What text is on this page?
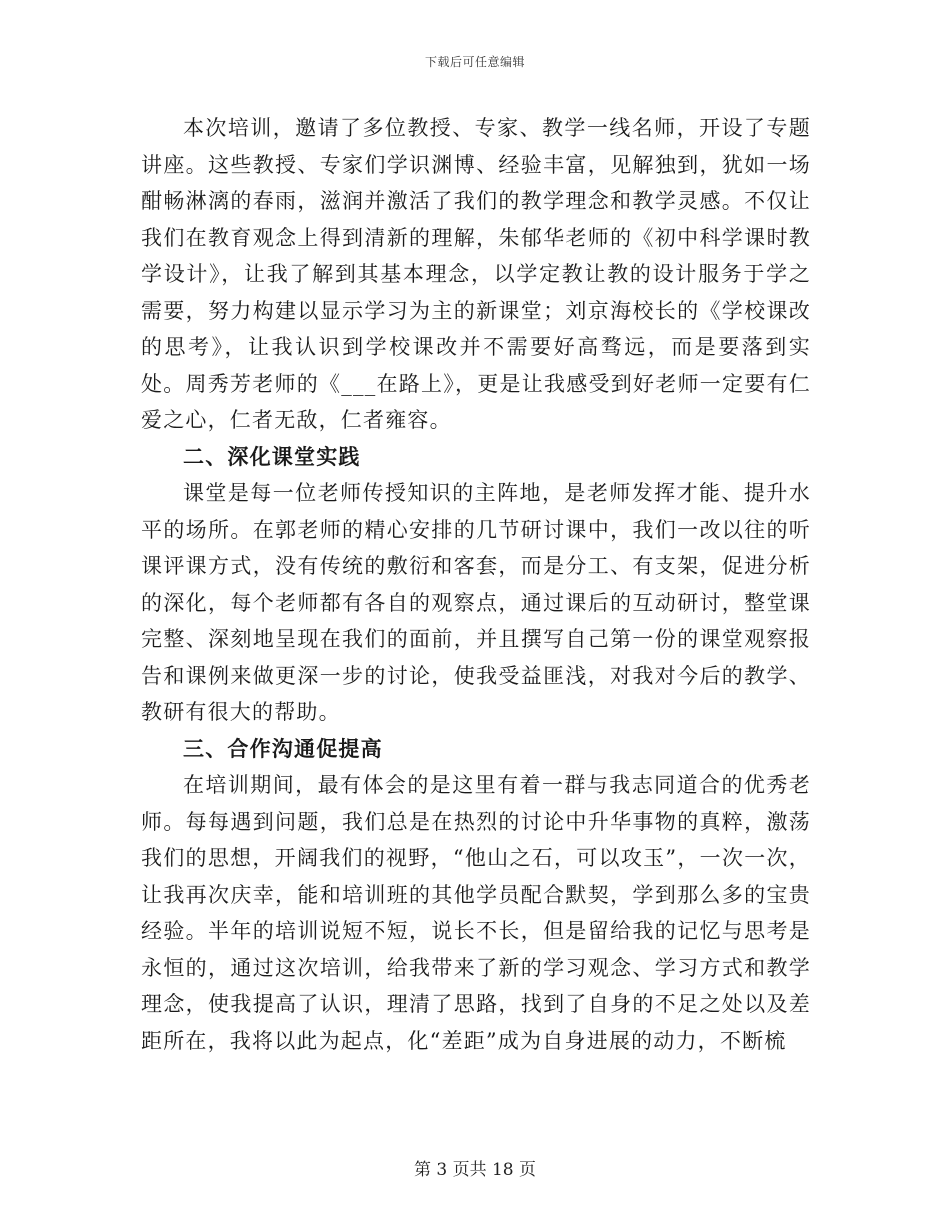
下载后可任意编辑

本次培训，邀请了多位教授、专家、教学一线名师，开设了专题讲座。这些教授、专家们学识渊博、经验丰富，见解独到，犹如一场酣畅淋漓的春雨，滋润并激活了我们的教学理念和教学灵感。不仅让我们在教育观念上得到清新的理解，朱郁华老师的《初中科学课时教学设计》，让我了解到其基本理念，以学定教让教的设计服务于学之需要，努力构建以显示学习为主的新课堂；刘京海校长的《学校课改的思考》，让我认识到学校课改并不需要好高骛远，而是要落到实处。周秀芳老师的《___在路上》，更是让我感受到好老师一定要有仁爱之心，仁者无敌，仁者雍容。

二、深化课堂实践

课堂是每一位老师传授知识的主阵地，是老师发挥才能、提升水平的场所。在郭老师的精心安排的几节研讨课中，我们一改以往的听课评课方式，没有传统的敷衍和客套，而是分工、有支架，促进分析的深化，每个老师都有各自的观察点，通过课后的互动研讨，整堂课完整、深刻地呈现在我们的面前，并且撰写自己第一份的课堂观察报告和课例来做更深一步的讨论，使我受益匪浅，对我对今后的教学、教研有很大的帮助。

三、合作沟通促提高

在培训期间，最有体会的是这里有着一群与我志同道合的优秀老师。每每遇到问题，我们总是在热烈的讨论中升华事物的真粹，激荡我们的思想，开阔我们的视野，“他山之石，可以攻玉”，一次一次，让我再次庆幸，能和培训班的其他学员配合默契，学到那么多的宝贵经验。半年的培训说短不短，说长不长，但是留给我的记忆与思考是永恒的，通过这次培训，给我带来了新的学习观念、学习方式和教学理念，使我提高了认识，理清了思路，找到了自身的不足之处以及差距所在，我将以此为起点，化“差距”成为自身进展的动力，不断梳

第 3 页共 18 页
